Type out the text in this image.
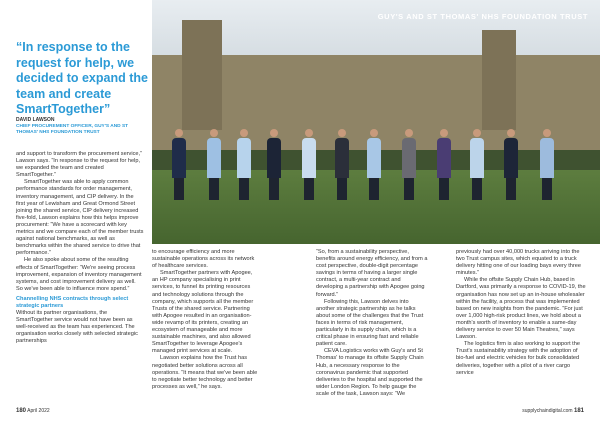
GUY'S AND ST THOMAS' NHS FOUNDATION TRUST
“In response to the request for help, we decided to expand the team and create SmartTogether”
DAVID LAWSON
CHIEF PROCUREMENT OFFICER, GUY'S AND ST THOMAS' NHS FOUNDATION TRUST

and support to transform the procurement service,” Lawson says. “In response to the request for help, we expanded the team and created SmartTogether.”

SmartTogether was able to apply common performance standards for order management, inventory management, and CIP delivery. In the first year of Lewisham and Great Ormond Street joining the shared service, CIP delivery increased five-fold, Lawson explains how this helps improve procurement: “We have a scorecard with key metrics and we compare each of the member trusts against national benchmarks, as well as benchmarks within the shared service to drive that performance.”

He also spoke about some of the resulting effects of SmartTogether: “We're seeing process improvement, expansion of inventory management systems, and cost improvement delivery as well. So we've been able to influence more spend.”

Channelling NHS contracts through select strategic partners

Without its partner organisations, the SmartTogether service would not have been as well-received as the team has experienced. The organisation works closely with selected strategic partnerships

to encourage efficiency and more sustainable operations across its network of healthcare services.

SmartTogether partners with Apogee, an HP company specialising in print services, to funnel its printing resources and technology solutions through the company, which supports all the member Trusts of the shared service. Partnering with Apogee resulted in an organisation-wide revamp of its printers, creating an ecosystem of manageable and more sustainable machines, and also allowed SmartTogether to leverage Apogee's managed print services at scale.

Lawson explains how the Trust has negotiated better solutions across all operations. “It means that we've been able to negotiate better technology and better processes as well,” he says.

“So, from a sustainability perspective, benefits around energy efficiency, and from a cost perspective, double-digit percentage savings in terms of having a larger single contract, a multi-year contract and developing a partnership with Apogee going forward.”

Following this, Lawson delves into another strategic partnership as he talks about some of the challenges that the Trust faces in terms of risk management, particularly in its supply chain, which is a critical phase in ensuring fast and reliable patient care.

CEVA Logistics works with Guy's and St Thomas' to manage its offsite Supply Chain Hub, a necessary response to the coronavirus pandemic that supported deliveries to the hospital and supported the wider London Region. To help gauge the scale of the task, Lawson says: “We

previously had over 40,000 trucks arriving into the two Trust campus sites, which equated to a truck delivery hitting one of our loading bays every three minutes.”

While the offsite Supply Chain Hub, based in Dartford, was primarily a response to COVID-19, the organisation has now set up an in-house wholesaler within the facility, a process that was implemented based on new insights from the pandemic. “For just over 1,000 high-risk product lines, we hold about a month's worth of inventory to enable a same-day delivery service to over 50 Main Theatres,” says Lawson.

The logistics firm is also working to support the Trust's sustainability strategy with the adoption of bio-fuel and electric vehicles for bulk consolidated deliveries, together with a pilot of a river cargo service

180 April 2022	supplychaindigital.com 181
